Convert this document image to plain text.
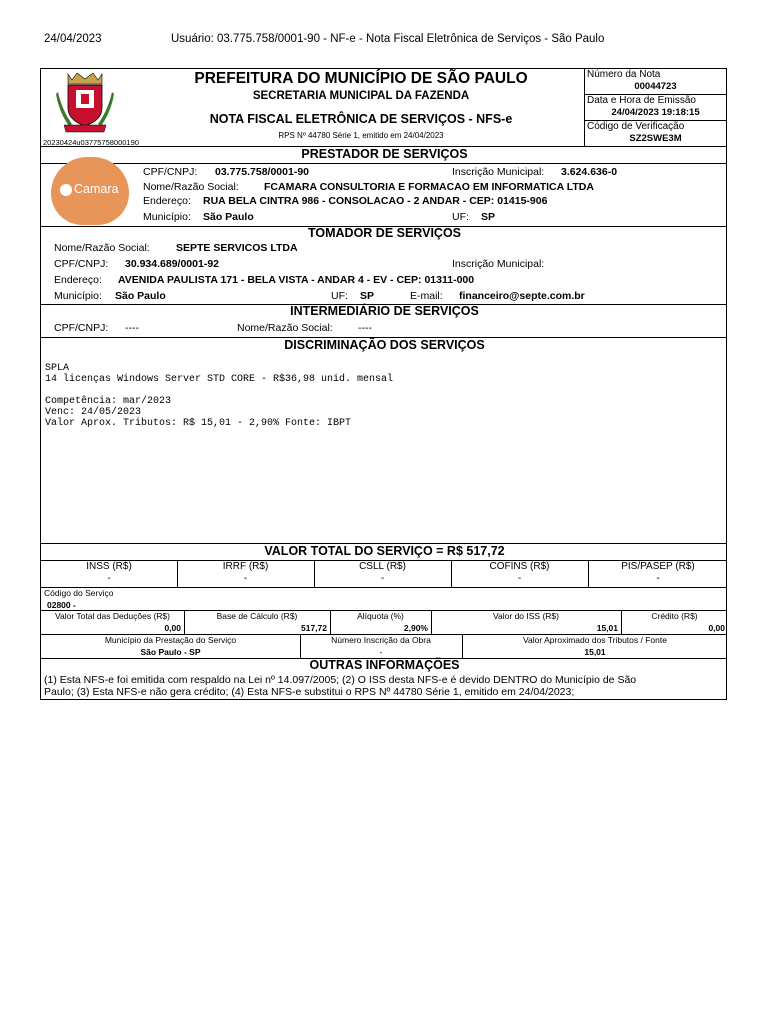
24/04/2023	Usuário: 03.775.758/0001-90 - NF-e - Nota Fiscal Eletrônica de Serviços - São Paulo
20230424u03775758000190
PREFEITURA DO MUNICÍPIO DE SÃO PAULO
SECRETARIA MUNICIPAL DA FAZENDA
NOTA FISCAL ELETRÔNICA DE SERVIÇOS - NFS-e
RPS Nº 44780 Série 1, emitido em 24/04/2023
Número da Nota
00044723
Data e Hora de Emissão
24/04/2023 19:18:15
Código de Verificação
SZ2SWE3M
PRESTADOR DE SERVIÇOS
Camara
CPF/CNPJ: 03.775.758/0001-90	Inscrição Municipal: 3.624.636-0
Nome/Razão Social: FCAMARA CONSULTORIA E FORMACAO EM INFORMATICA LTDA
Endereço: RUA BELA CINTRA 986 - CONSOLACAO - 2 ANDAR - CEP: 01415-906
Município: São Paulo	UF: SP
TOMADOR DE SERVIÇOS
Nome/Razão Social:	SEPTE SERVICOS LTDA
CPF/CNPJ: 30.934.689/0001-92	Inscrição Municipal:
Endereço: AVENIDA PAULISTA 171 - BELA VISTA - ANDAR 4 - EV - CEP: 01311-000
Município: São Paulo	UF: SP	E-mail: financeiro@septe.com.br
INTERMEDIÁRIO DE SERVIÇOS
CPF/CNPJ: ----	Nome/Razão Social: ----
DISCRIMINAÇÃO DOS SERVIÇOS
SPLA
14 licenças Windows Server STD CORE - R$36,98 unid. mensal

Competência: mar/2023
Venc: 24/05/2023
Valor Aprox. Tributos: R$ 15,01 - 2,90% Fonte: IBPT
VALOR TOTAL DO SERVIÇO = R$ 517,72
INSS (R$)	IRRF (R$)	CSLL (R$)	COFINS (R$)	PIS/PASEP (R$)
-	-	-	-	-
Código do Serviço
02800 -
Valor Total das Deduções (R$)	Base de Cálculo (R$)	Alíquota (%)	Valor do ISS (R$)	Crédito (R$)
0,00	517,72	2,90%	15,01	0,00
Município da Prestação do Serviço	Número Inscrição da Obra	Valor Aproximado dos Tributos / Fonte
São Paulo - SP	-	15,01
OUTRAS INFORMAÇÕES
(1) Esta NFS-e foi emitida com respaldo na Lei nº 14.097/2005; (2) O ISS desta NFS-e é devido DENTRO do Município de São
Paulo; (3) Esta NFS-e não gera crédito; (4) Esta NFS-e substitui o RPS Nº 44780 Série 1, emitido em 24/04/2023;
